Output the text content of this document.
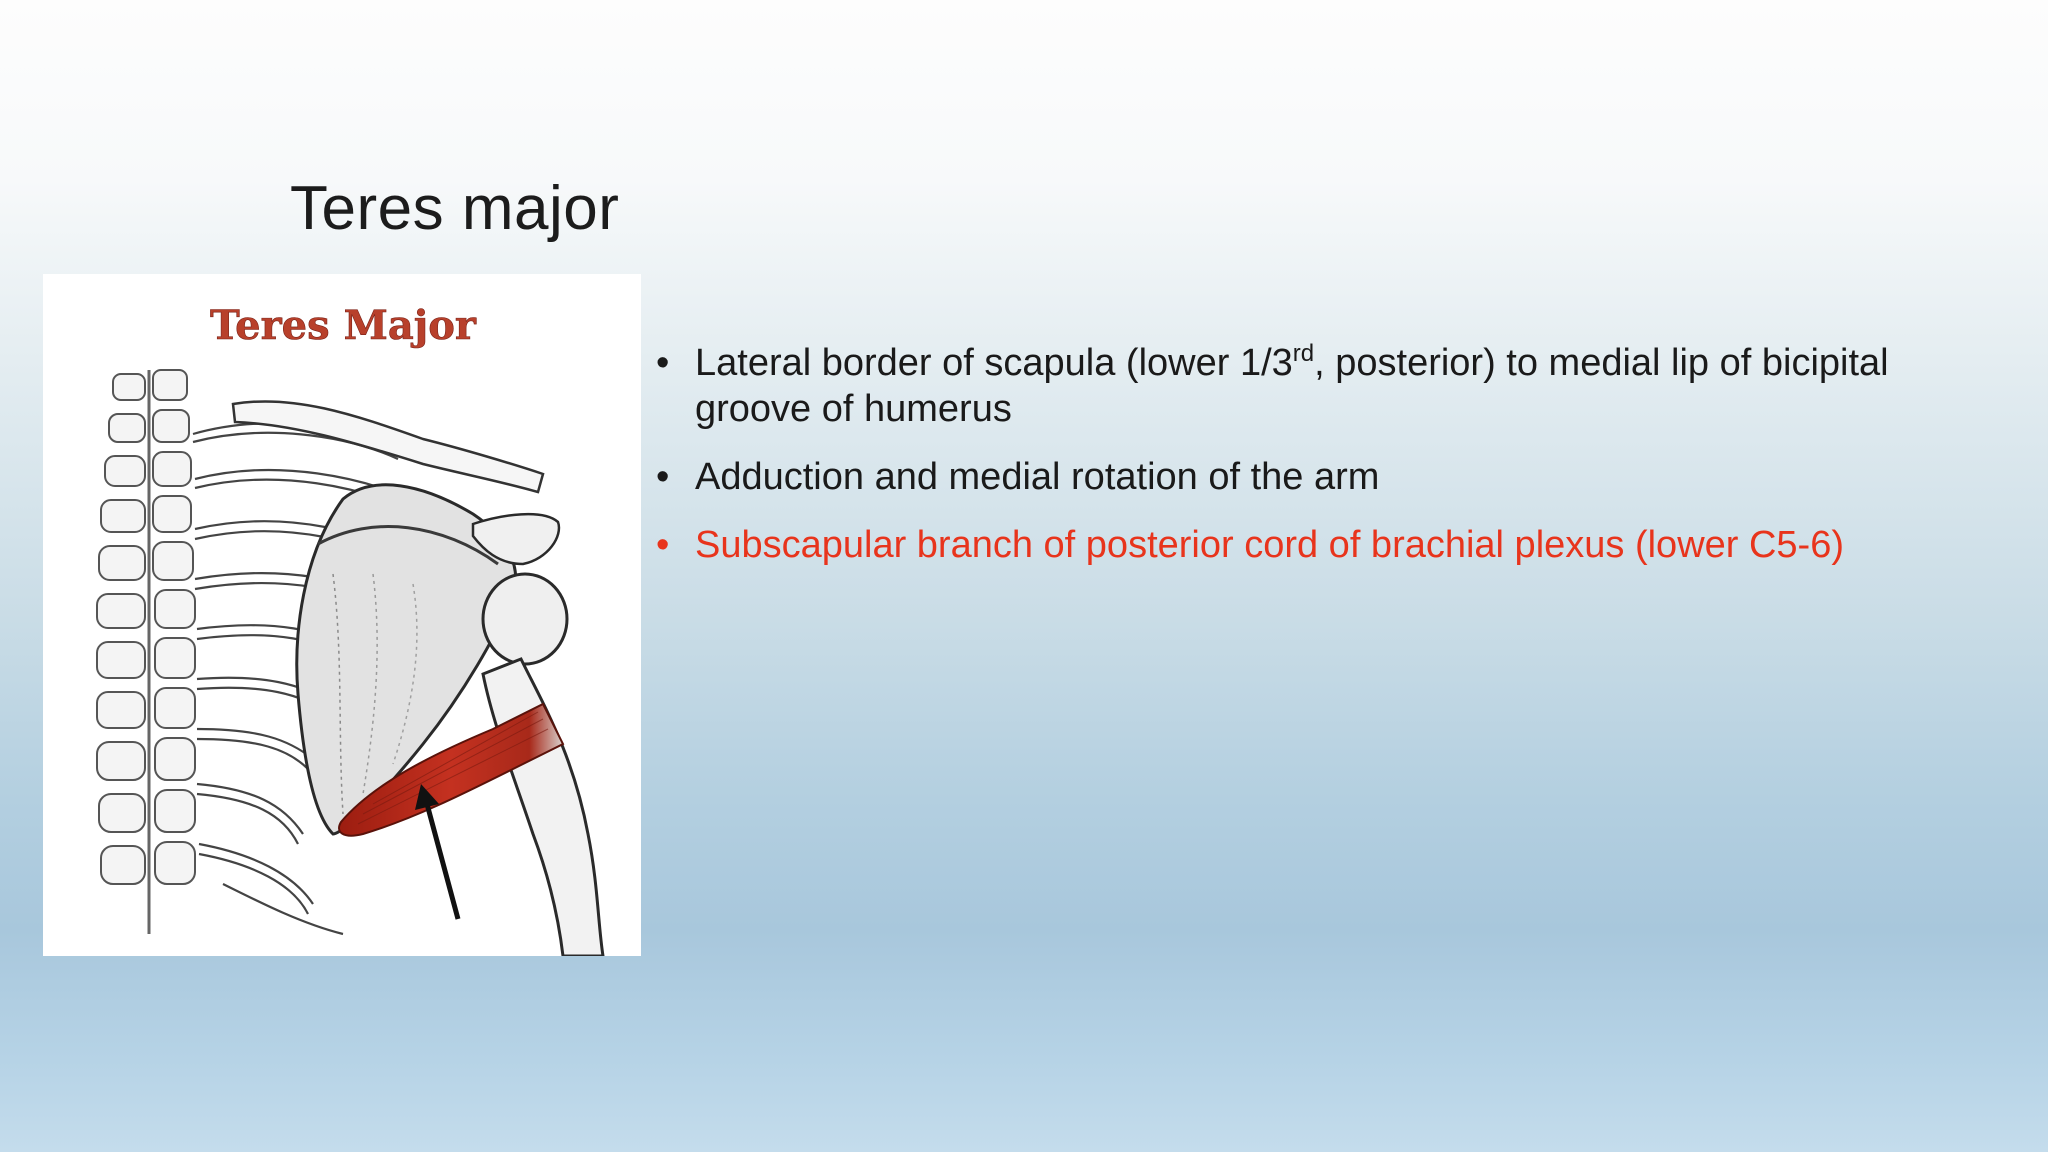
Teres major
Teres Major
• Lateral border of scapula (lower 1/3rd, posterior) to medial lip of bicipital groove of humerus
• Adduction and medial rotation of the arm
• Subscapular branch of posterior cord of brachial plexus (lower C5-6)
